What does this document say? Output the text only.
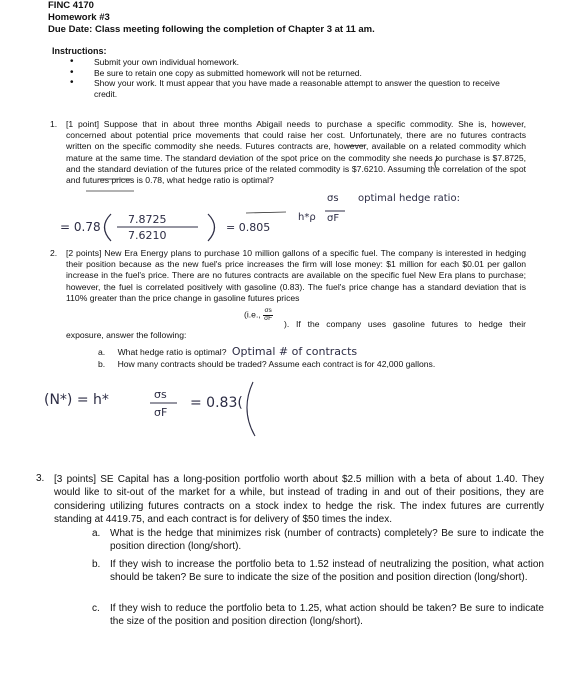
FINC 4170
Homework #3
Due Date: Class meeting following the completion of Chapter 3 at 11 am.
Instructions:
• Submit your own individual homework.
• Be sure to retain one copy as submitted homework will not be returned.
• Show your work. It must appear that you have made a reasonable attempt to answer the question to receive credit.
1. [1 point] Suppose that in about three months Abigail needs to purchase a specific commodity. She is, however, concerned about potential price movements that could raise her cost. Unfortunately, there are no futures contracts written on the specific commodity she needs. Futures contracts are, however, available on a related commodity which mature at the same time. The standard deviation of the spot price on the commodity she needs to purchase is $7.8725, and the standard deviation of the futures price of the related commodity is $7.6210. Assuming the correlation of the spot and futures prices is 0.78, what hedge ratio is optimal?
σs optimal hedge ratio:
h*ρ σF
= 0.78
7.8725
7.6210
= 0.805
2. [2 points] New Era Energy plans to purchase 10 million gallons of a specific fuel. The company is interested in hedging their position because as the new fuel's price increases the firm will lose money: $1 million for each $0.01 per gallon increase in the fuel's price. There are no futures contracts are available on the specific fuel New Era plans to purchase; however, the fuel is correlated positively with gasoline (0.83). The fuel's price change has a standard deviation that is 110% greater than the price change in gasoline futures prices
(i.e., $\frac{\sigma s}{\sigma F}$
). If the company uses gasoline futures to hedge their exposure, answer the following:
a. What hedge ratio is optimal? Optimal # of contracts
b. How many contracts should be traded? Assume each contract is for 42,000 gallons.
(N*) = h*	σs
σF
= 0.83(
3. [3 points] SE Capital has a long-position portfolio worth about $2.5 million with a beta of about 1.40. They would like to sit-out of the market for a while, but instead of trading in and out of their positions, they are considering utilizing futures contracts on a stock index to hedge the risk. The index futures are currently standing at 4419.75, and each contract is for delivery of $50 times the index.
a. What is the hedge that minimizes risk (number of contracts) completely? Be sure to indicate the position direction (long/short).
b. If they wish to increase the portfolio beta to 1.52 instead of neutralizing the position, what action should be taken? Be sure to indicate the size of the position and position direction (long/short).
c. If they wish to reduce the portfolio beta to 1.25, what action should be taken? Be sure to indicate the size of the position and position direction (long/short).
